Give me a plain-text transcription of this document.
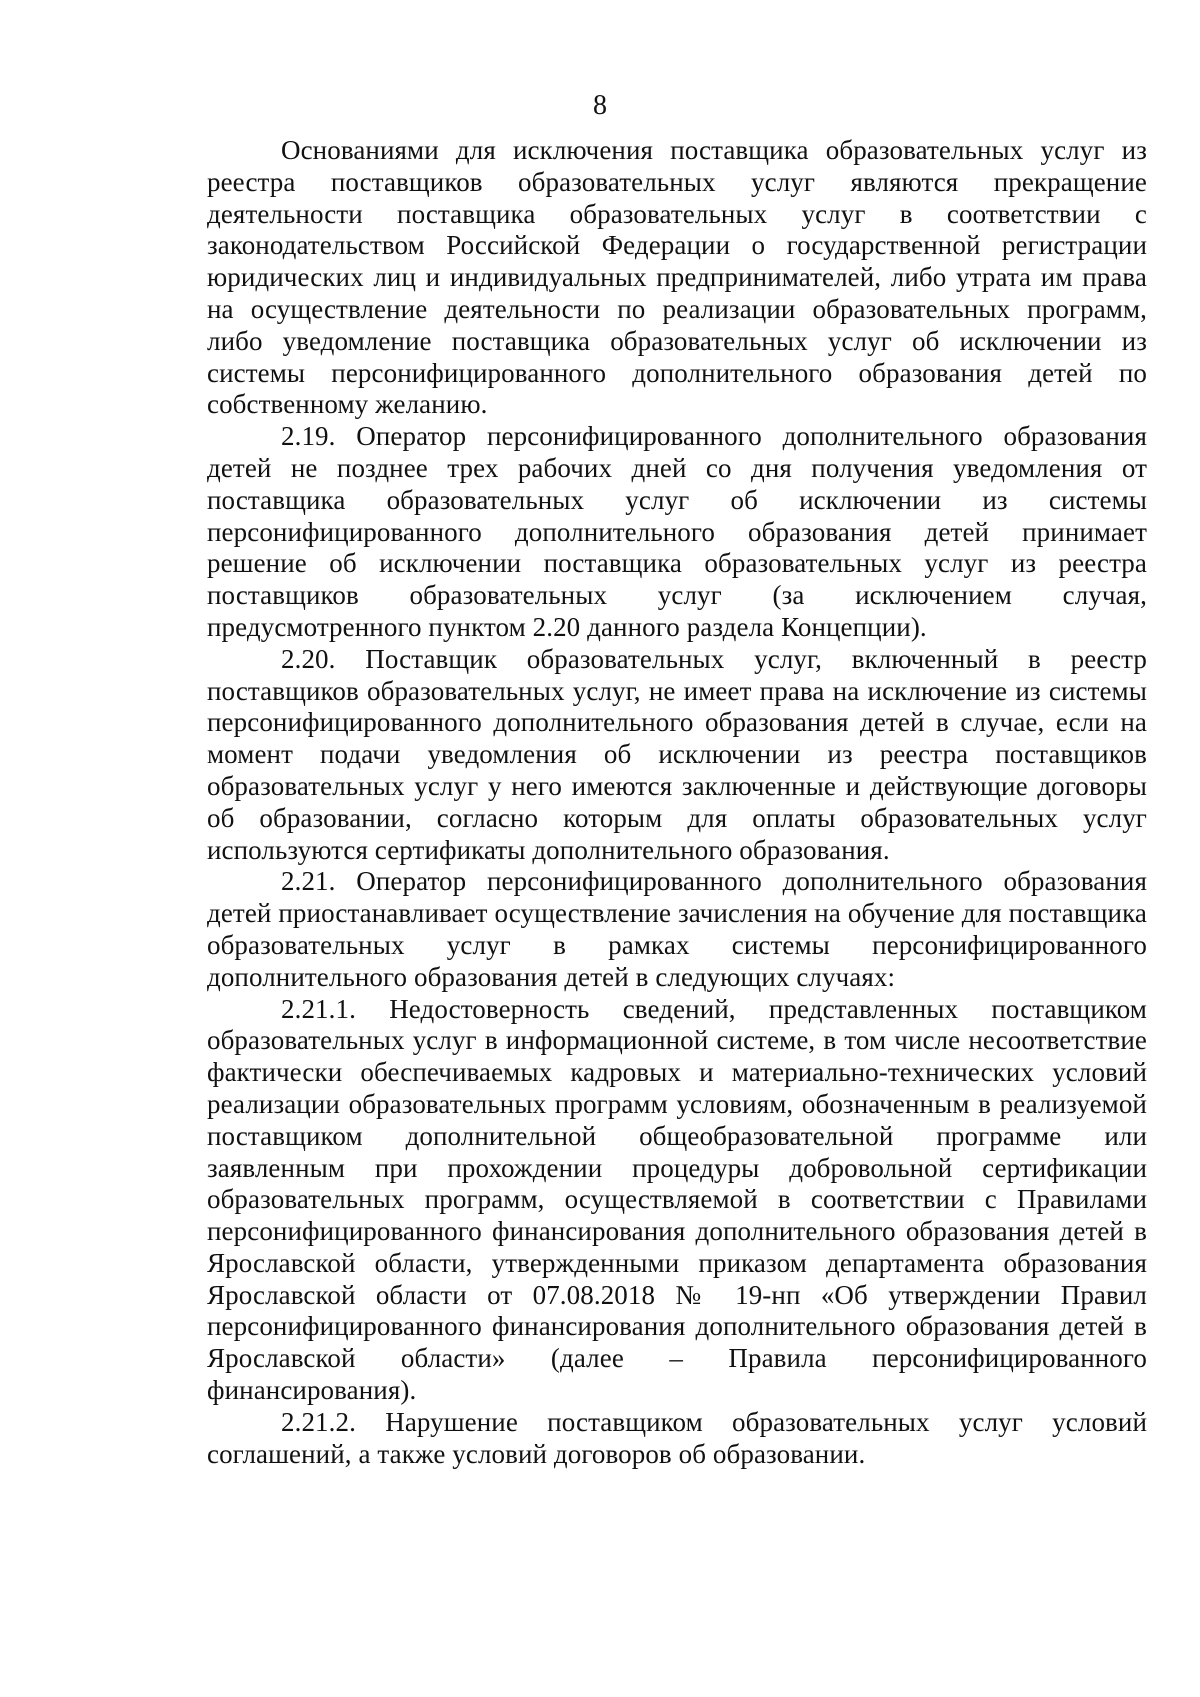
8

Основаниями для исключения поставщика образовательных услуг из реестра поставщиков образовательных услуг являются прекращение деятельности поставщика образовательных услуг в соответствии с законодательством Российской Федерации о государственной регистрации юридических лиц и индивидуальных предпринимателей, либо утрата им права на осуществление деятельности по реализации образовательных программ, либо уведомление поставщика образовательных услуг об исключении из системы персонифицированного дополнительного образования детей по собственному желанию.

2.19. Оператор персонифицированного дополнительного образования детей не позднее трех рабочих дней со дня получения уведомления от поставщика образовательных услуг об исключении из системы персонифицированного дополнительного образования детей принимает решение об исключении поставщика образовательных услуг из реестра поставщиков образовательных услуг (за исключением случая, предусмотренного пунктом 2.20 данного раздела Концепции).

2.20. Поставщик образовательных услуг, включенный в реестр поставщиков образовательных услуг, не имеет права на исключение из системы персонифицированного дополнительного образования детей в случае, если на момент подачи уведомления об исключении из реестра поставщиков образовательных услуг у него имеются заключенные и действующие договоры об образовании, согласно которым для оплаты образовательных услуг используются сертификаты дополнительного образования.

2.21. Оператор персонифицированного дополнительного образования детей приостанавливает осуществление зачисления на обучение для поставщика образовательных услуг в рамках системы персонифицированного дополнительного образования детей в следующих случаях:

2.21.1. Недостоверность сведений, представленных поставщиком образовательных услуг в информационной системе, в том числе несоответствие фактически обеспечиваемых кадровых и материально-технических условий реализации образовательных программ условиям, обозначенным в реализуемой поставщиком дополнительной общеобразовательной программе или заявленным при прохождении процедуры добровольной сертификации образовательных программ, осуществляемой в соответствии с Правилами персонифицированного финансирования дополнительного образования детей в Ярославской области, утвержденными приказом департамента образования Ярославской области от 07.08.2018 № 19-нп «Об утверждении Правил персонифицированного финансирования дополнительного образования детей в Ярославской области» (далее – Правила персонифицированного финансирования).

2.21.2. Нарушение поставщиком образовательных услуг условий соглашений, а также условий договоров об образовании.
